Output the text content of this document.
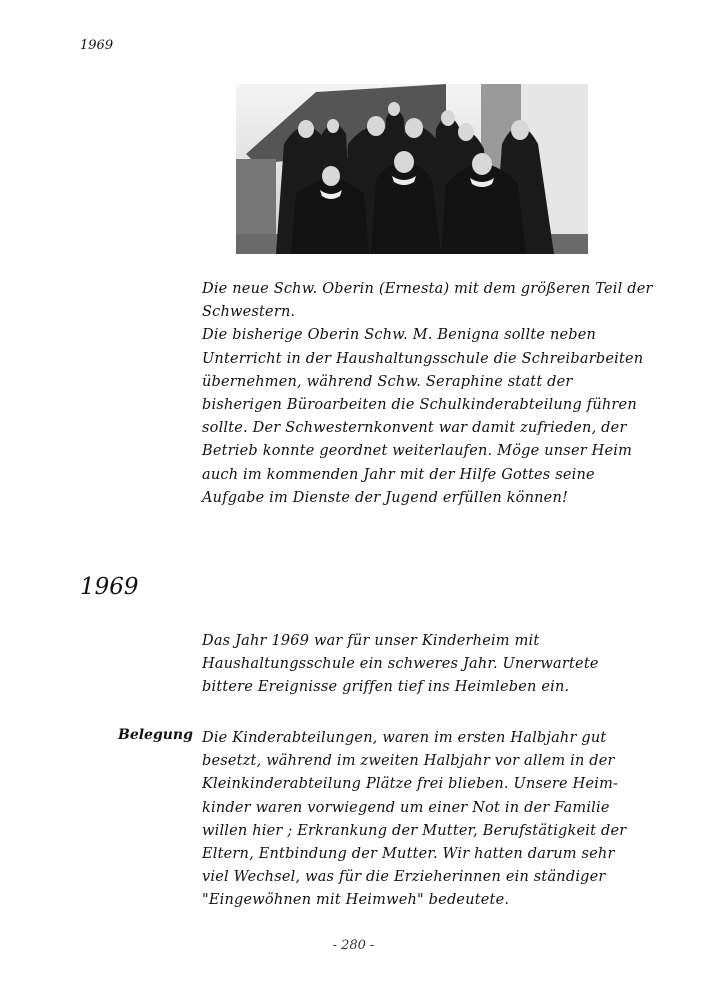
1969
Die neue Schw. Oberin (Ernesta) mit dem größeren Teil der
Schwestern.
Die bisherige Oberin Schw. M. Benigna sollte neben
Unterricht in der Haushaltungsschule die Schreibarbeiten
übernehmen, während Schw. Seraphine statt der
bisherigen Büroarbeiten die Schulkinderabteilung führen
sollte. Der Schwesternkonvent war damit zufrieden, der
Betrieb konnte geordnet weiterlaufen. Möge unser Heim
auch im kommenden Jahr mit der Hilfe Gottes seine
Aufgabe im Dienste der Jugend erfüllen können!
1969
Das Jahr 1969 war für unser Kinderheim mit
Haushaltungsschule ein schweres Jahr. Unerwartete
bittere Ereignisse griffen tief ins Heimleben ein.
Belegung Die Kinderabteilungen, waren im ersten Halbjahr gut
besetzt, während im zweiten Halbjahr vor allem in der
Kleinkinderabteilung Plätze frei blieben. Unsere Heim-
kinder waren vorwiegend um einer Not in der Familie
willen hier ; Erkrankung der Mutter, Berufstätigkeit der
Eltern, Entbindung der Mutter. Wir hatten darum sehr
viel Wechsel, was für die Erzieherinnen ein ständiger
"Eingewöhnen mit Heimweh" bedeutete.
- 280 -
